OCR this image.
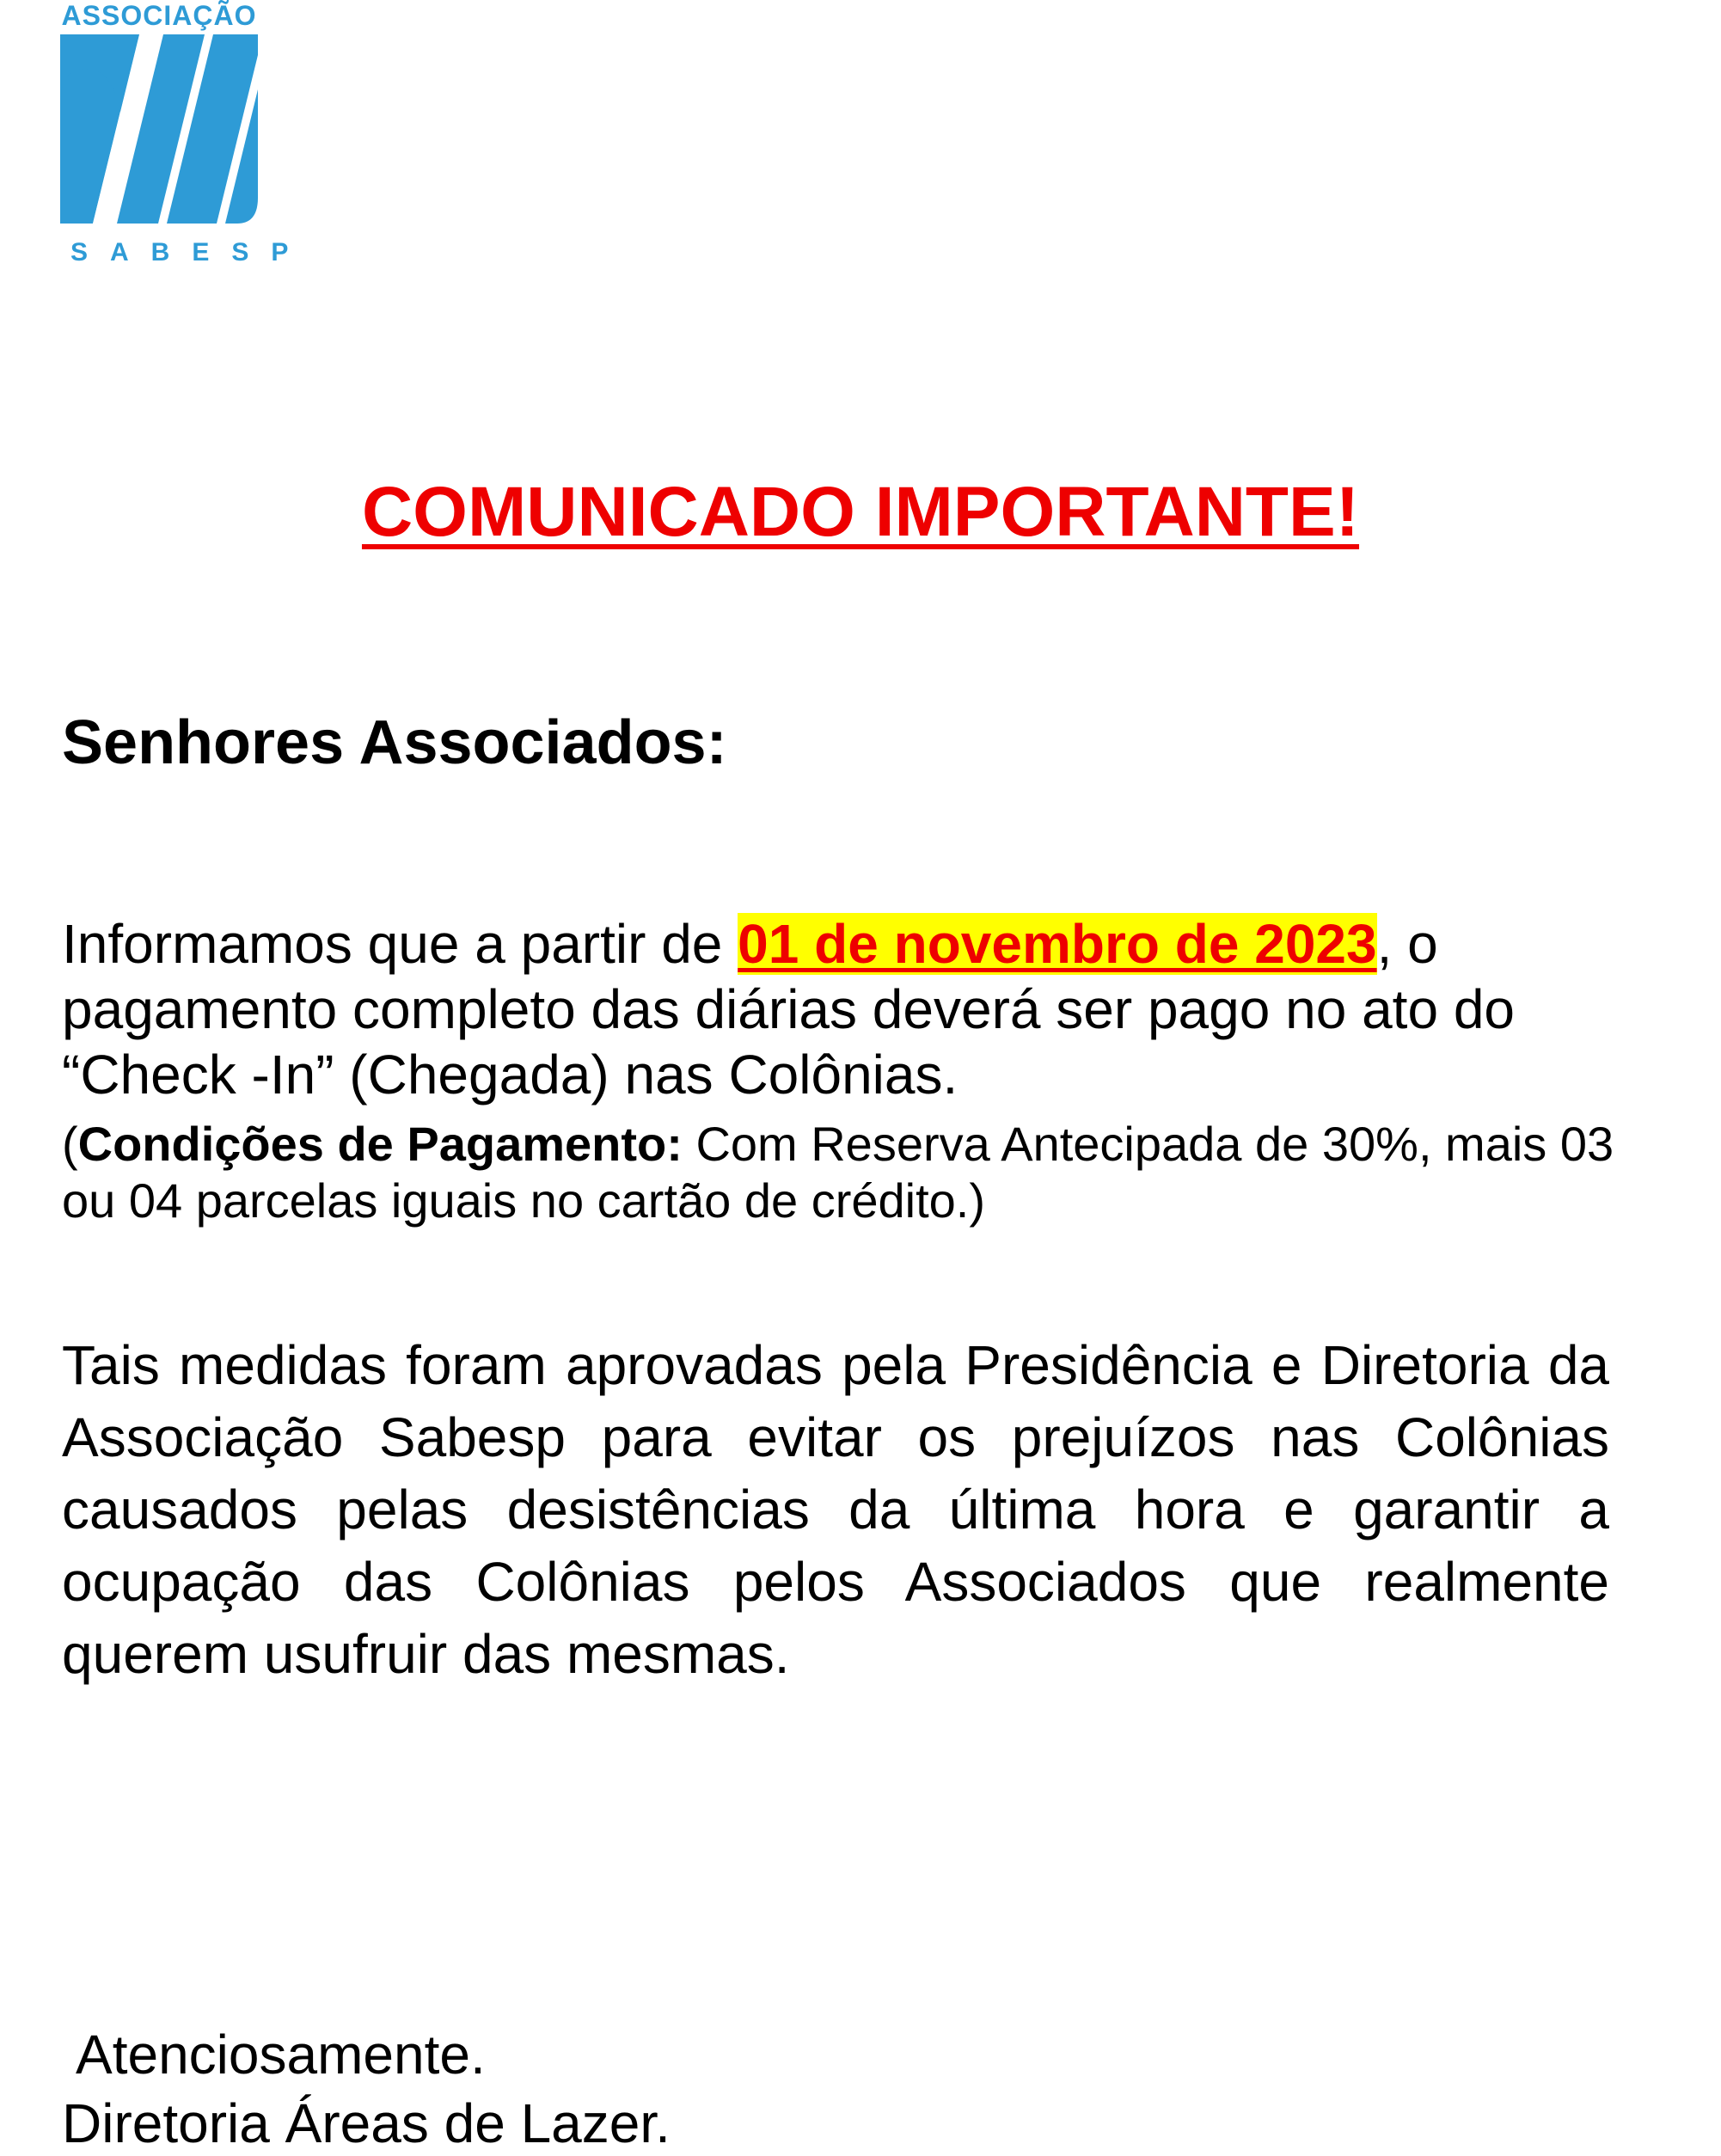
ASSOCIAÇÃO
SABESP
COMUNICADO IMPORTANTE!
Senhores Associados:
Informamos que a partir de 01 de novembro de 2023, o pagamento completo das diárias deverá ser pago no ato do “Check -In” (Chegada) nas Colônias.
(Condições de Pagamento: Com Reserva Antecipada de 30%, mais 03 ou 04 parcelas iguais no cartão de crédito.)
Tais medidas foram aprovadas pela Presidência e Diretoria da Associação Sabesp para evitar os prejuízos nas Colônias causados pelas desistências da última hora e garantir a ocupação das Colônias pelos Associados que realmente querem usufruir das mesmas.
Atenciosamente.
Diretoria Áreas de Lazer.
